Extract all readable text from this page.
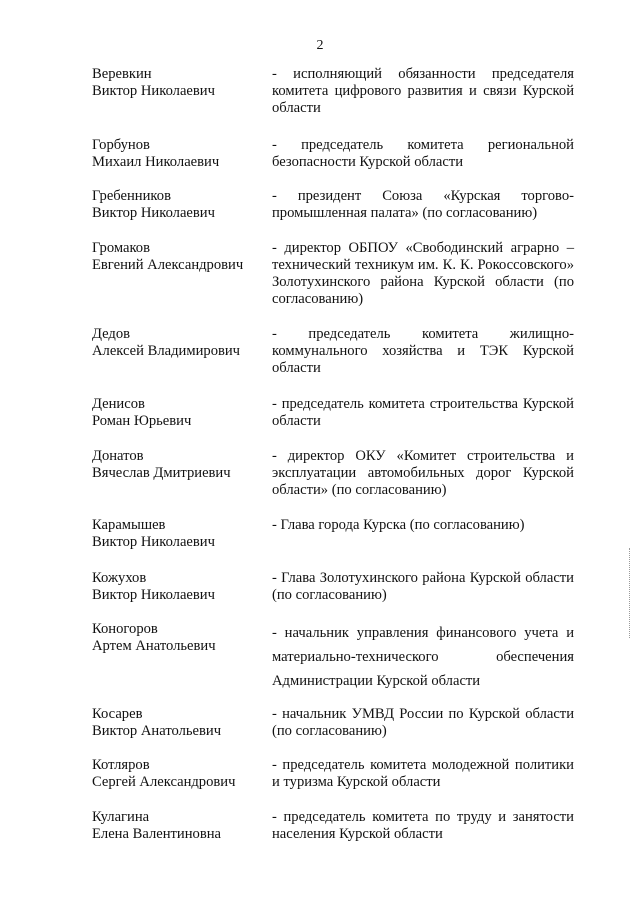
2
Веревкин
Виктор Николаевич
- исполняющий обязанности председателя комитета цифрового развития и связи Курской области
Горбунов
Михаил Николаевич
- председатель комитета региональной безопасности Курской области
Гребенников
Виктор Николаевич
- президент Союза «Курская торгово-промышленная палата» (по согласованию)
Громаков
Евгений Александрович
- директор ОБПОУ «Свободинский аграрно – технический техникум им. К. К. Рокоссовского» Золотухинского района Курской области (по согласованию)
Дедов
Алексей Владимирович
- председатель комитета жилищно-коммунального хозяйства и ТЭК Курской области
Денисов
Роман Юрьевич
- председатель комитета строительства Курской области
Донатов
Вячеслав Дмитриевич
- директор ОКУ «Комитет строительства и эксплуатации автомобильных дорог Курской области» (по согласованию)
Карамышев
Виктор Николаевич
- Глава города Курска (по согласованию)
Кожухов
Виктор Николаевич
- Глава Золотухинского района Курской области (по согласованию)
Коногоров
Артем Анатольевич
- начальник управления финансового учета и материально-технического обеспечения Администрации Курской области
Косарев
Виктор Анатольевич
- начальник УМВД России по Курской области (по согласованию)
Котляров
Сергей Александрович
- председатель комитета молодежной политики и туризма Курской области
Кулагина
Елена Валентиновна
- председатель комитета по труду и занятости населения Курской области
